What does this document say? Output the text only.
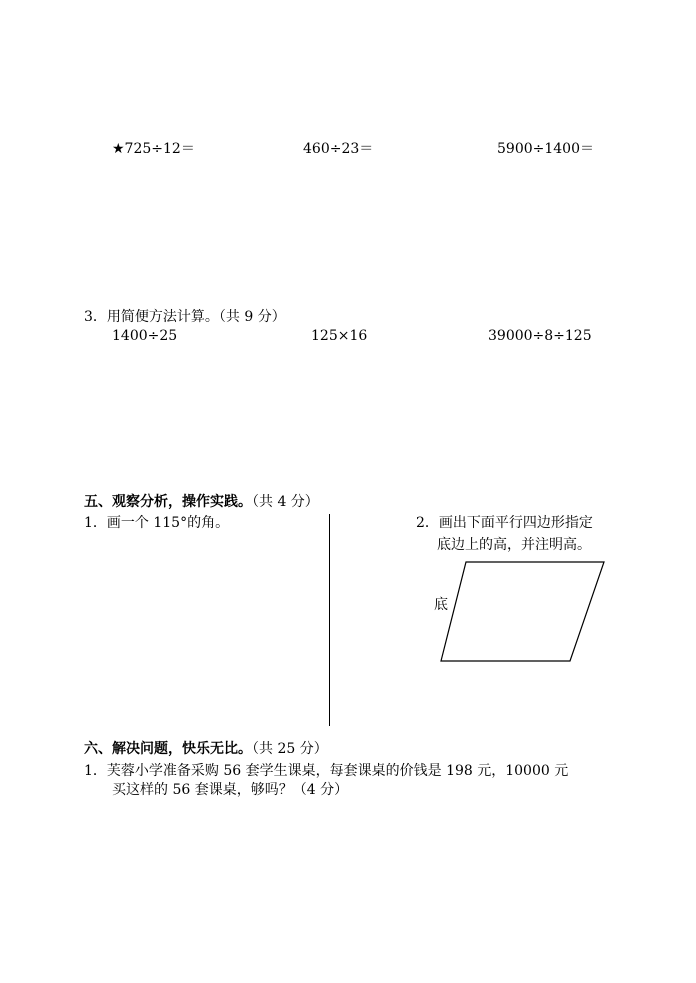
★725÷12＝	460÷23＝	5900÷1400＝
3．用简便方法计算。（共 9 分）
1400÷25	125×16	39000÷8÷125
五、观察分析，操作实践。（共 4 分）
1．画一个 115°的角。	2．画出下面平行四边形指定
底边上的高，并注明高。
底
六、解决问题，快乐无比。（共 25 分）
1．芙蓉小学准备采购 56 套学生课桌，每套课桌的价钱是 198 元，10000 元
买这样的 56 套课桌，够吗？（4 分）
